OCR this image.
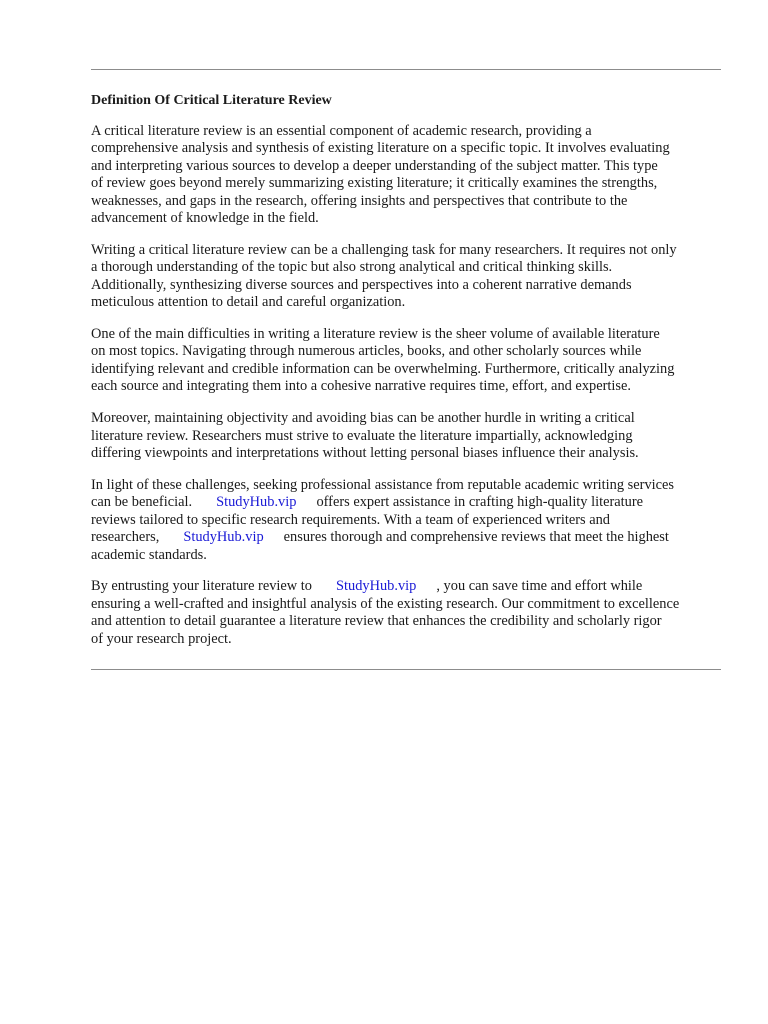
Definition Of Critical Literature Review

A critical literature review is an essential component of academic research, providing a
comprehensive analysis and synthesis of existing literature on a specific topic. It involves evaluating
and interpreting various sources to develop a deeper understanding of the subject matter. This type
of review goes beyond merely summarizing existing literature; it critically examines the strengths,
weaknesses, and gaps in the research, offering insights and perspectives that contribute to the
advancement of knowledge in the field.

Writing a critical literature review can be a challenging task for many researchers. It requires not only
a thorough understanding of the topic but also strong analytical and critical thinking skills.
Additionally, synthesizing diverse sources and perspectives into a coherent narrative demands
meticulous attention to detail and careful organization.

One of the main difficulties in writing a literature review is the sheer volume of available literature
on most topics. Navigating through numerous articles, books, and other scholarly sources while
identifying relevant and credible information can be overwhelming. Furthermore, critically analyzing
each source and integrating them into a cohesive narrative requires time, effort, and expertise.

Moreover, maintaining objectivity and avoiding bias can be another hurdle in writing a critical
literature review. Researchers must strive to evaluate the literature impartially, acknowledging
differing viewpoints and interpretations without letting personal biases influence their analysis.

In light of these challenges, seeking professional assistance from reputable academic writing services
can be beneficial. StudyHub.vip offers expert assistance in crafting high-quality literature
reviews tailored to specific research requirements. With a team of experienced writers and
researchers, StudyHub.vip ensures thorough and comprehensive reviews that meet the highest
academic standards.

By entrusting your literature review to StudyHub.vip , you can save time and effort while
ensuring a well-crafted and insightful analysis of the existing research. Our commitment to excellence
and attention to detail guarantee a literature review that enhances the credibility and scholarly rigor
of your research project.
